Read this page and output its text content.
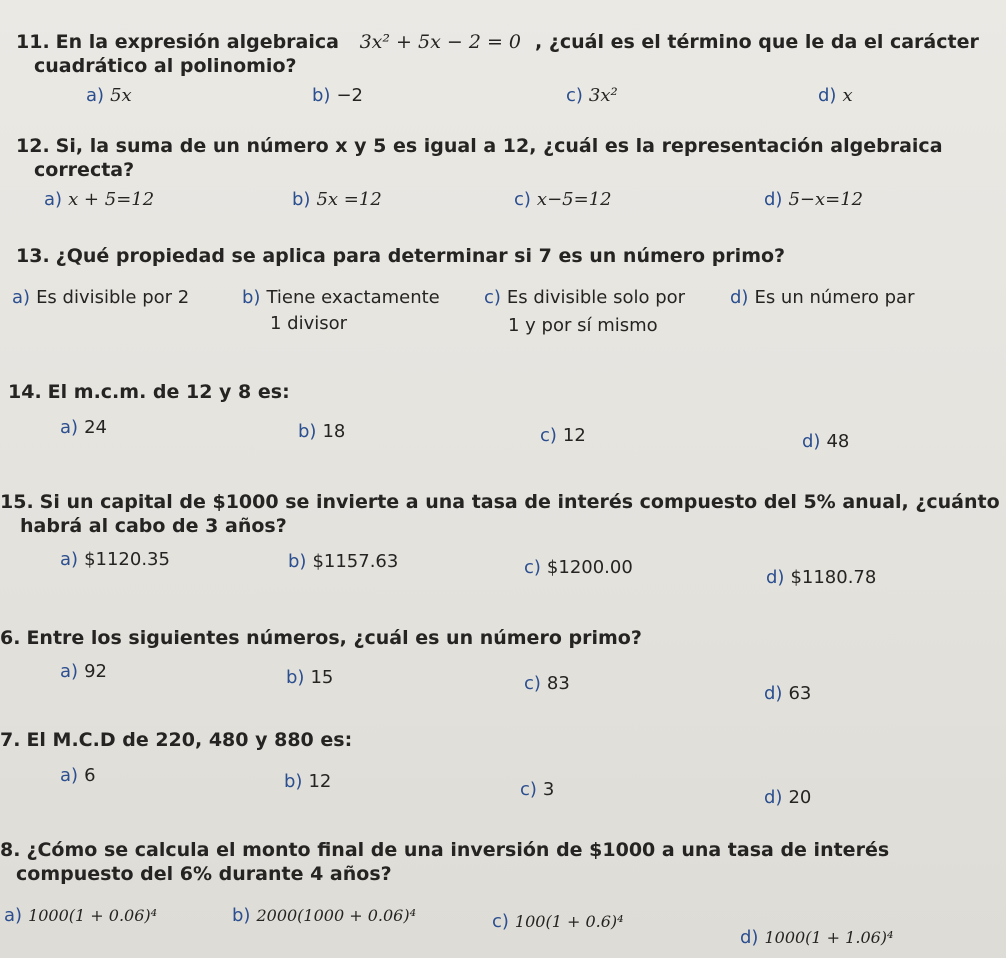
11. En la expresión algebraica 3x² + 5x − 2 = 0 , ¿cuál es el término que le da el carácter
cuadrático al polinomio?
a) 5x	b) −2	c) 3x²	d) x
12. Si, la suma de un número x y 5 es igual a 12, ¿cuál es la representación algebraica
correcta?
a) x + 5=12	b) 5x =12	c) x−5=12	d) 5−x=12
13. ¿Qué propiedad se aplica para determinar si 7 es un número primo?
a) Es divisible por 2	b) Tiene exactamente
1 divisor
c) Es divisible solo por
1 y por sí mismo
d) Es un número par
14. El m.c.m. de 12 y 8 es:
a) 24	b) 18	c) 12	d) 48
15. Si un capital de $1000 se invierte a una tasa de interés compuesto del 5% anual, ¿cuánto
habrá al cabo de 3 años?
a) $1120.35	b) $1157.63	c) $1200.00	d) $1180.78
6. Entre los siguientes números, ¿cuál es un número primo?
a) 92	b) 15	c) 83	d) 63
7. El M.C.D de 220, 480 y 880 es:
a) 6	b) 12	c) 3	d) 20
8. ¿Cómo se calcula el monto final de una inversión de $1000 a una tasa de interés
compuesto del 6% durante 4 años?
a) 1000(1 + 0.06)⁴	b) 2000(1000 + 0.06)⁴	c) 100(1 + 0.6)⁴
d) 1000(1 + 1.06)⁴
